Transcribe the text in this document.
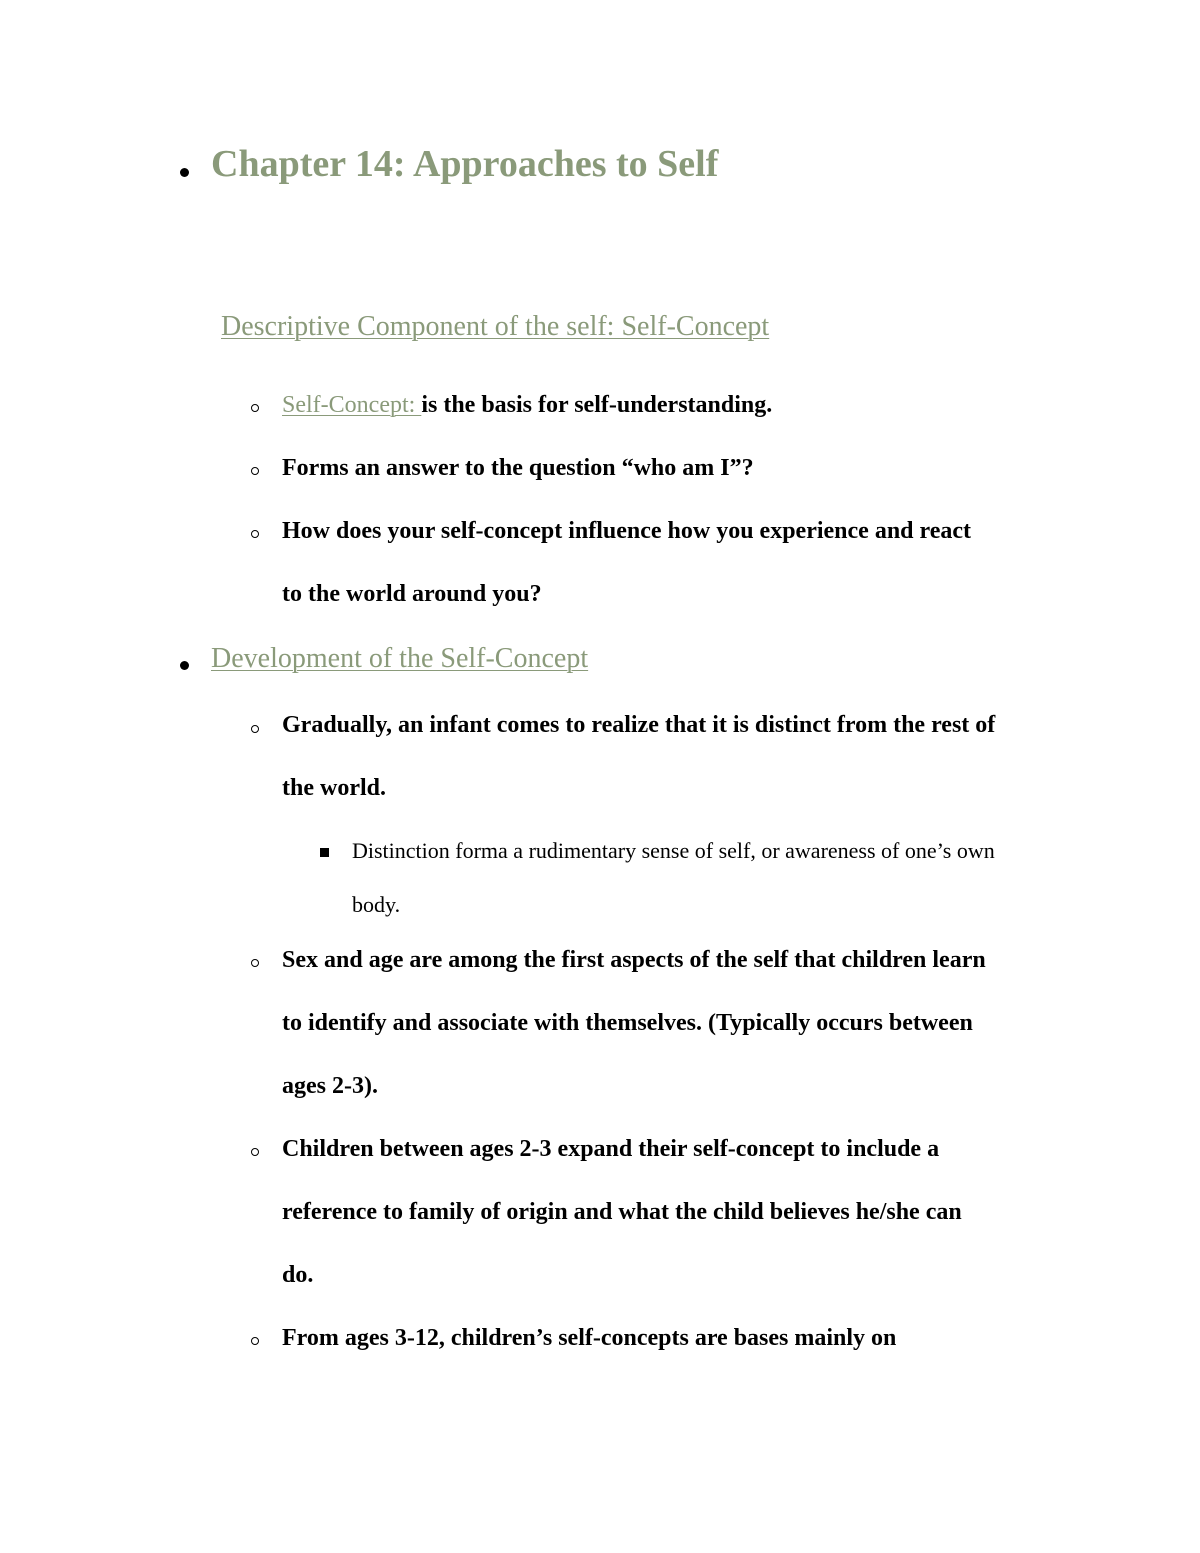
Chapter 14: Approaches to Self
Descriptive Component of the self: Self-Concept
Self-Concept: is the basis for self-understanding.
Forms an answer to the question “who am I”?
How does your self-concept influence how you experience and react
to the world around you?
Development of the Self-Concept
Gradually, an infant comes to realize that it is distinct from the rest of
the world.
Distinction forma a rudimentary sense of self, or awareness of one’s own
body.
Sex and age are among the first aspects of the self that children learn
to identify and associate with themselves. (Typically occurs between
ages 2-3).
Children between ages 2-3 expand their self-concept to include a
reference to family of origin and what the child believes he/she can
do.
From ages 3-12, children’s self-concepts are bases mainly on
